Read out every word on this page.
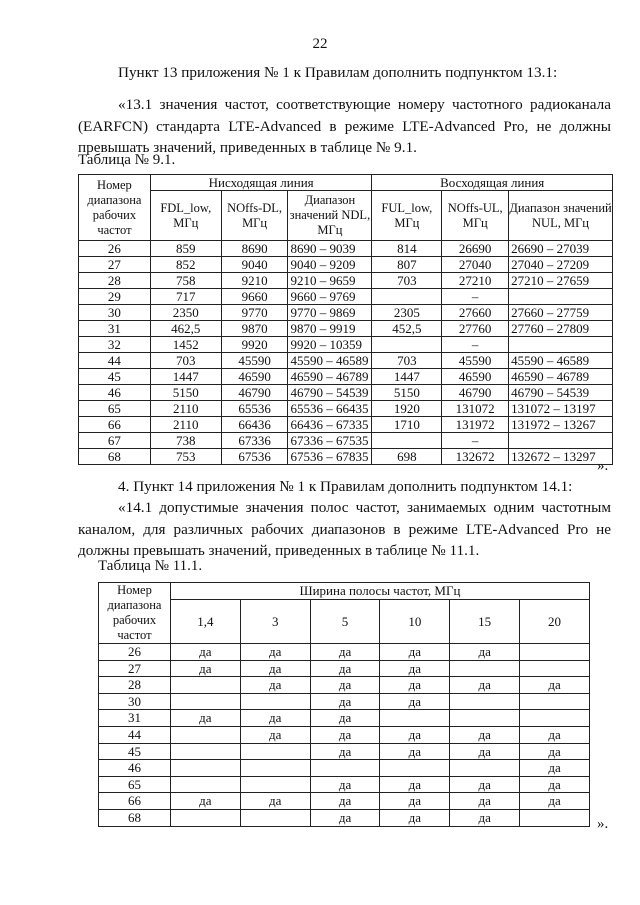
22
Пункт 13 приложения № 1 к Правилам дополнить подпунктом 13.1:
«13.1 значения частот, соответствующие номеру частотного радиоканала (EARFCN) стандарта LTE-Advanced в режиме LTE-Advanced Pro, не должны превышать значений, приведенных в таблице № 9.1.
Таблица № 9.1.
Номер диапазона рабочих частот	Нисходящая линия			Восходящая линия		
	FDL_low, МГц	NOffs-DL, МГц	Диапазон значений NDL, МГц	FUL_low, МГц	NOffs-UL, МГц	Диапазон значений NUL, МГц
26	859	8690	8690 – 9039	814	26690	26690 – 27039
27	852	9040	9040 – 9209	807	27040	27040 – 27209
28	758	9210	9210 – 9659	703	27210	27210 – 27659
29	717	9660	9660 – 9769		–	
30	2350	9770	9770 – 9869	2305	27660	27660 – 27759
31	462,5	9870	9870 – 9919	452,5	27760	27760 – 27809
32	1452	9920	9920 – 10359		–	
44	703	45590	45590 – 46589	703	45590	45590 – 46589
45	1447	46590	46590 – 46789	1447	46590	46590 – 46789
46	5150	46790	46790 – 54539	5150	46790	46790 – 54539
65	2110	65536	65536 – 66435	1920	131072	131072 – 13197
66	2110	66436	66436 – 67335	1710	131972	131972 – 13267
67	738	67336	67336 – 67535		–	
68	753	67536	67536 – 67835	698	132672	132672 – 13297
».
4. Пункт 14 приложения № 1 к Правилам дополнить подпунктом 14.1:
«14.1 допустимые значения полос частот, занимаемых одним частотным каналом, для различных рабочих диапазонов в режиме LTE-Advanced Pro не должны превышать значений, приведенных в таблице № 11.1.
Таблица № 11.1.
Номер диапазона рабочих частот	Ширина полосы частот, МГц					
	1,4	3	5	10	15	20
26	да	да	да	да	да	
27	да	да	да	да		
28		да	да	да	да	да
30			да	да		
31	да	да	да			
44		да	да	да	да	да
45			да	да	да	да
46						да
65			да	да	да	да
66	да	да	да	да	да	да
68			да	да	да		».
